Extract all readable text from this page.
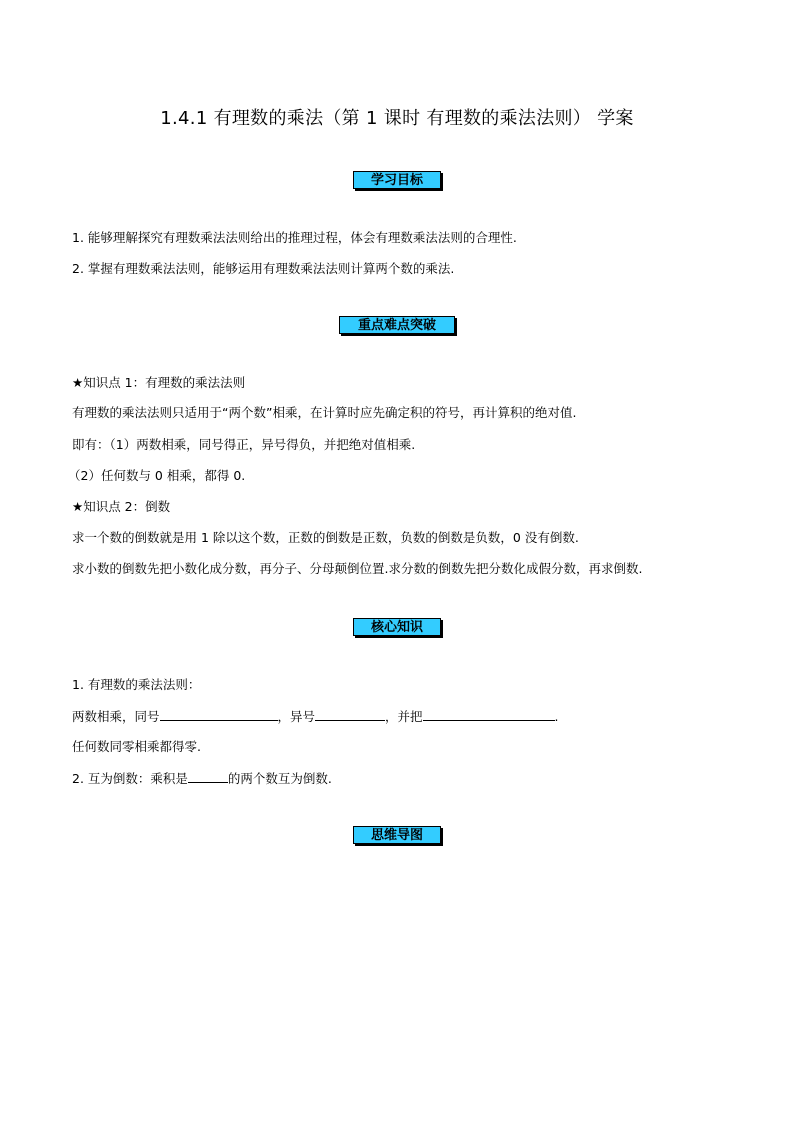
1.4.1 有理数的乘法（第 1 课时 有理数的乘法法则） 学案
学习目标
1. 能够理解探究有理数乘法法则给出的推理过程，体会有理数乘法法则的合理性.
2. 掌握有理数乘法法则，能够运用有理数乘法法则计算两个数的乘法.
重点难点突破
★知识点 1：有理数的乘法法则
有理数的乘法法则只适用于“两个数”相乘，在计算时应先确定积的符号，再计算积的绝对值.
即有：（1）两数相乘，同号得正，异号得负，并把绝对值相乘.
（2）任何数与 0 相乘，都得 0.
★知识点 2：倒数
求一个数的倒数就是用 1 除以这个数，正数的倒数是正数，负数的倒数是负数，0 没有倒数.
求小数的倒数先把小数化成分数，再分子、分母颠倒位置.求分数的倒数先把分数化成假分数，再求倒数.
核心知识
1. 有理数的乘法法则：
两数相乘，同号	，异号	，并把	.
任何数同零相乘都得零.
2. 互为倒数：乘积是	的两个数互为倒数.
思维导图
